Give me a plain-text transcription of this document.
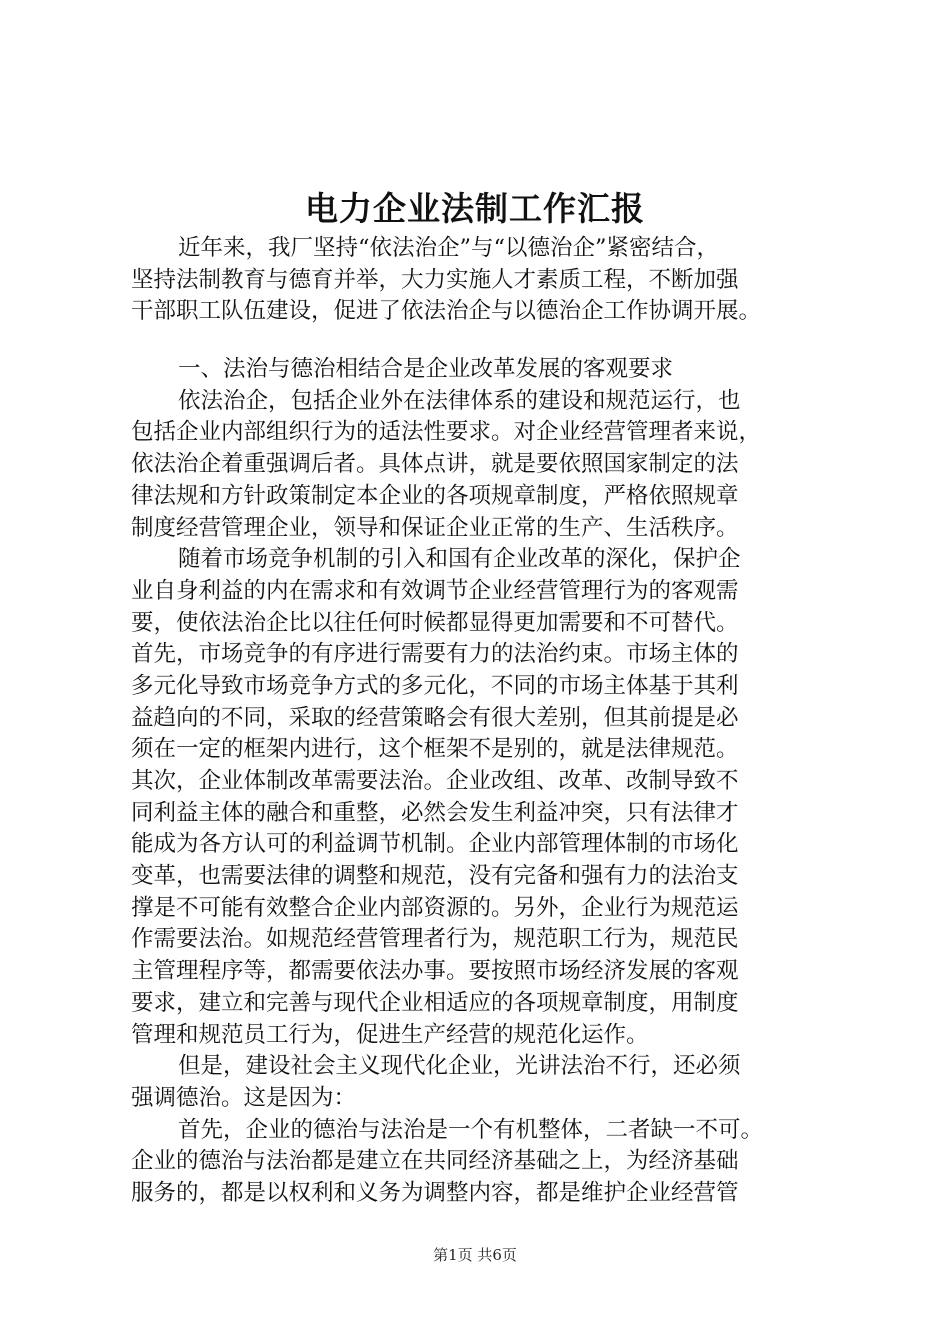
电力企业法制工作汇报
近年来，我厂坚持“依法治企”与“以德治企”紧密结合，
坚持法制教育与德育并举，大力实施人才素质工程，不断加强
干部职工队伍建设，促进了依法治企与以德治企工作协调开展。
一、法治与德治相结合是企业改革发展的客观要求
依法治企，包括企业外在法律体系的建设和规范运行，也
包括企业内部组织行为的适法性要求。对企业经营管理者来说，
依法治企着重强调后者。具体点讲，就是要依照国家制定的法
律法规和方针政策制定本企业的各项规章制度，严格依照规章
制度经营管理企业，领导和保证企业正常的生产、生活秩序。
随着市场竞争机制的引入和国有企业改革的深化，保护企
业自身利益的内在需求和有效调节企业经营管理行为的客观需
要，使依法治企比以往任何时候都显得更加需要和不可替代。
首先，市场竞争的有序进行需要有力的法治约束。市场主体的
多元化导致市场竞争方式的多元化，不同的市场主体基于其利
益趋向的不同，采取的经营策略会有很大差别，但其前提是必
须在一定的框架内进行，这个框架不是别的，就是法律规范。
其次，企业体制改革需要法治。企业改组、改革、改制导致不
同利益主体的融合和重整，必然会发生利益冲突，只有法律才
能成为各方认可的利益调节机制。企业内部管理体制的市场化
变革，也需要法律的调整和规范，没有完备和强有力的法治支
撑是不可能有效整合企业内部资源的。另外，企业行为规范运
作需要法治。如规范经营管理者行为，规范职工行为，规范民
主管理程序等，都需要依法办事。要按照市场经济发展的客观
要求，建立和完善与现代企业相适应的各项规章制度，用制度
管理和规范员工行为，促进生产经营的规范化运作。
但是，建设社会主义现代化企业，光讲法治不行，还必须
强调德治。这是因为：
首先，企业的德治与法治是一个有机整体，二者缺一不可。
企业的德治与法治都是建立在共同经济基础之上，为经济基础
服务的，都是以权利和义务为调整内容，都是维护企业经营管
第1页 共6页
